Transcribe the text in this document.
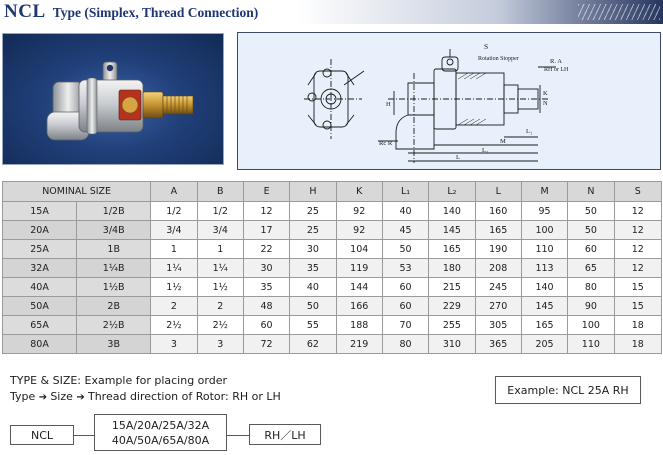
NCL Type (Simplex, Thread Connection)
S
Rotation Stopper	R. A
RH or LH
H
Rc R
L₁
M
L₂
L
K
N
NOMINAL SIZE		A	B	E	H	K	L₁	L₂	L	M	N	S
15A	1/2B	1/2	1/2	12	25	92	40	140	160	95	50	12
20A	3/4B	3/4	3/4	17	25	92	45	145	165	100	50	12
25A	1B	1	1	22	30	104	50	165	190	110	60	12
32A	1¼B	1¼	1¼	30	35	119	53	180	208	113	65	12
40A	1½B	1½	1½	35	40	144	60	215	245	140	80	15
50A	2B	2	2	48	50	166	60	229	270	145	90	15
65A	2½B	2½	2½	60	55	188	70	255	305	165	100	18
80A	3B	3	3	72	62	219	80	310	365	205	110	18
TYPE & SIZE: Example for placing order
Type ➔ Size ➔ Thread direction of Rotor: RH or LH	Example: NCL 25A RH
NCL
15A/20A/25A/32A
40A/50A/65A/80A	RH／LH
